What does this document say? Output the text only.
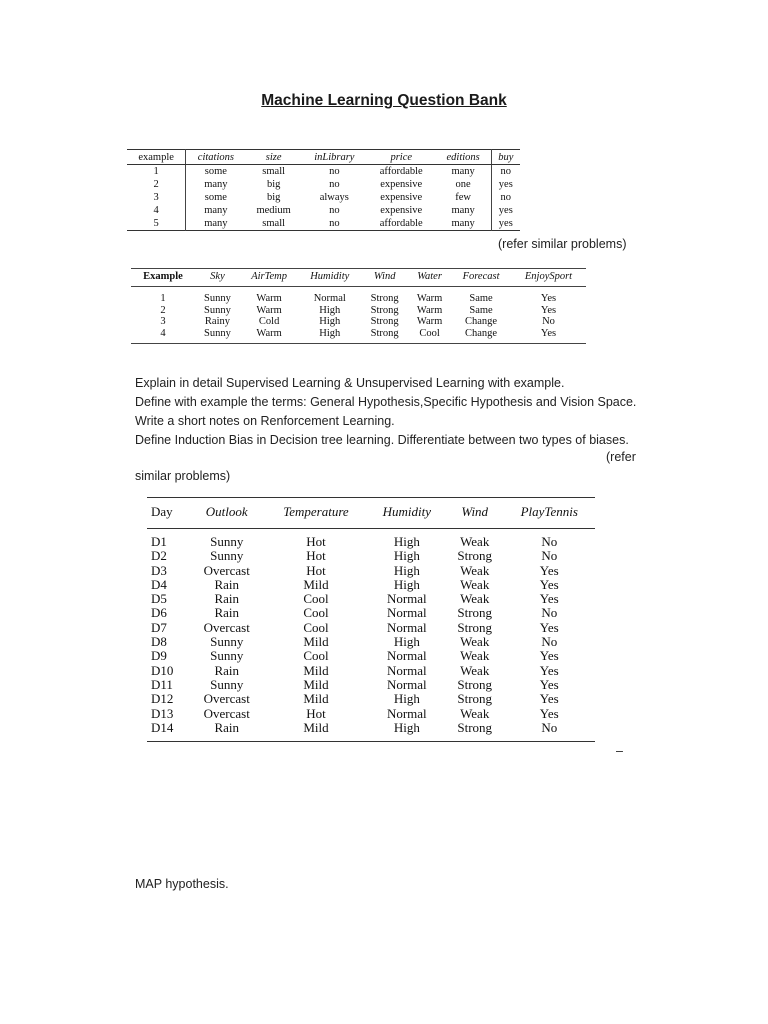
Machine Learning Question Bank
example	citations	size	inLibrary	price	editions	buy
1	some	small	no	affordable	many	no
2	many	big	no	expensive	one	yes
3	some	big	always	expensive	few	no
4	many	medium	no	expensive	many	yes
5	many	small	no	affordable	many	yes
(refer similar problems)
Example	Sky	AirTemp	Humidity	Wind	Water	Forecast	EnjoySport
1	Sunny	Warm	Normal	Strong	Warm	Same	Yes
2	Sunny	Warm	High	Strong	Warm	Same	Yes
3	Rainy	Cold	High	Strong	Warm	Change	No
4	Sunny	Warm	High	Strong	Cool	Change	Yes
Explain in detail Supervised Learning & Unsupervised Learning with example.
Define with example the terms: General Hypothesis,Specific Hypothesis and Vision Space.
Write a short notes on Renforcement Learning.
Define Induction Bias in Decision tree learning. Differentiate between two types of biases.
(refer
similar problems)
Day	Outlook	Temperature	Humidity	Wind	PlayTennis
D1	Sunny	Hot	High	Weak	No
D2	Sunny	Hot	High	Strong	No
D3	Overcast	Hot	High	Weak	Yes
D4	Rain	Mild	High	Weak	Yes
D5	Rain	Cool	Normal	Weak	Yes
D6	Rain	Cool	Normal	Strong	No
D7	Overcast	Cool	Normal	Strong	Yes
D8	Sunny	Mild	High	Weak	No
D9	Sunny	Cool	Normal	Weak	Yes
D10	Rain	Mild	Normal	Weak	Yes
D11	Sunny	Mild	Normal	Strong	Yes
D12	Overcast	Mild	High	Strong	Yes
D13	Overcast	Hot	Normal	Weak	Yes
D14	Rain	Mild	High	Strong	No
–
MAP hypothesis.
